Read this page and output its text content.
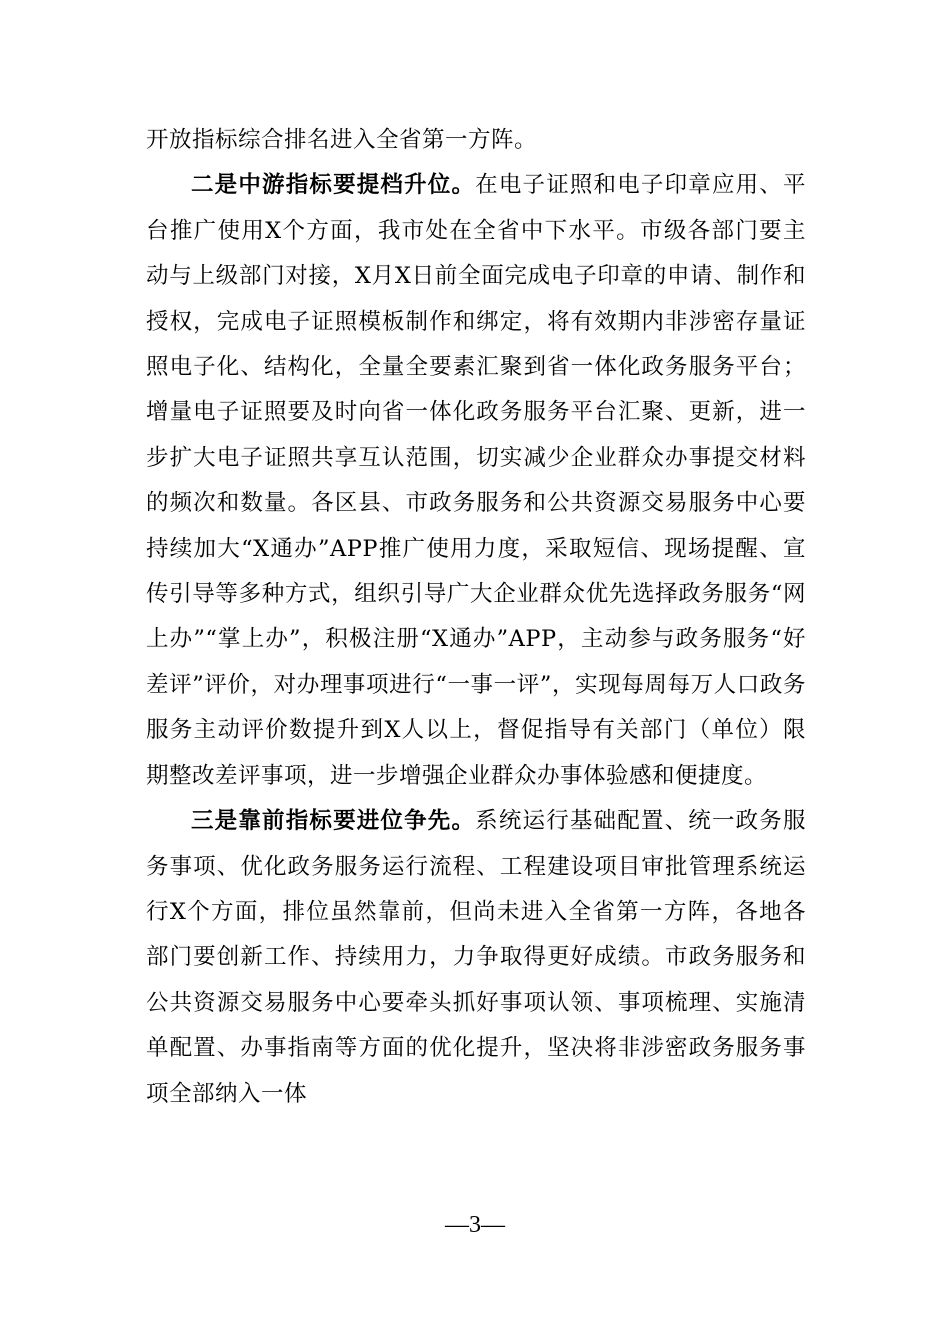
开放指标综合排名进入全省第一方阵。

二是中游指标要提档升位。在电子证照和电子印章应用、平台推广使用X个方面，我市处在全省中下水平。市级各部门要主动与上级部门对接，X月X日前全面完成电子印章的申请、制作和授权，完成电子证照模板制作和绑定，将有效期内非涉密存量证照电子化、结构化，全量全要素汇聚到省一体化政务服务平台；增量电子证照要及时向省一体化政务服务平台汇聚、更新，进一步扩大电子证照共享互认范围，切实减少企业群众办事提交材料的频次和数量。各区县、市政务服务和公共资源交易服务中心要持续加大“X通办”APP推广使用力度，采取短信、现场提醒、宣传引导等多种方式，组织引导广大企业群众优先选择政务服务“网上办”“掌上办”，积极注册“X通办”APP，主动参与政务服务“好差评”评价，对办理事项进行“一事一评”，实现每周每万人口政务服务主动评价数提升到X人以上，督促指导有关部门（单位）限期整改差评事项，进一步增强企业群众办事体验感和便捷度。

三是靠前指标要进位争先。系统运行基础配置、统一政务服务事项、优化政务服务运行流程、工程建设项目审批管理系统运行X个方面，排位虽然靠前，但尚未进入全省第一方阵，各地各部门要创新工作、持续用力，力争取得更好成绩。市政务服务和公共资源交易服务中心要牵头抓好事项认领、事项梳理、实施清单配置、办事指南等方面的优化提升，坚决将非涉密政务服务事项全部纳入一体

—3—
